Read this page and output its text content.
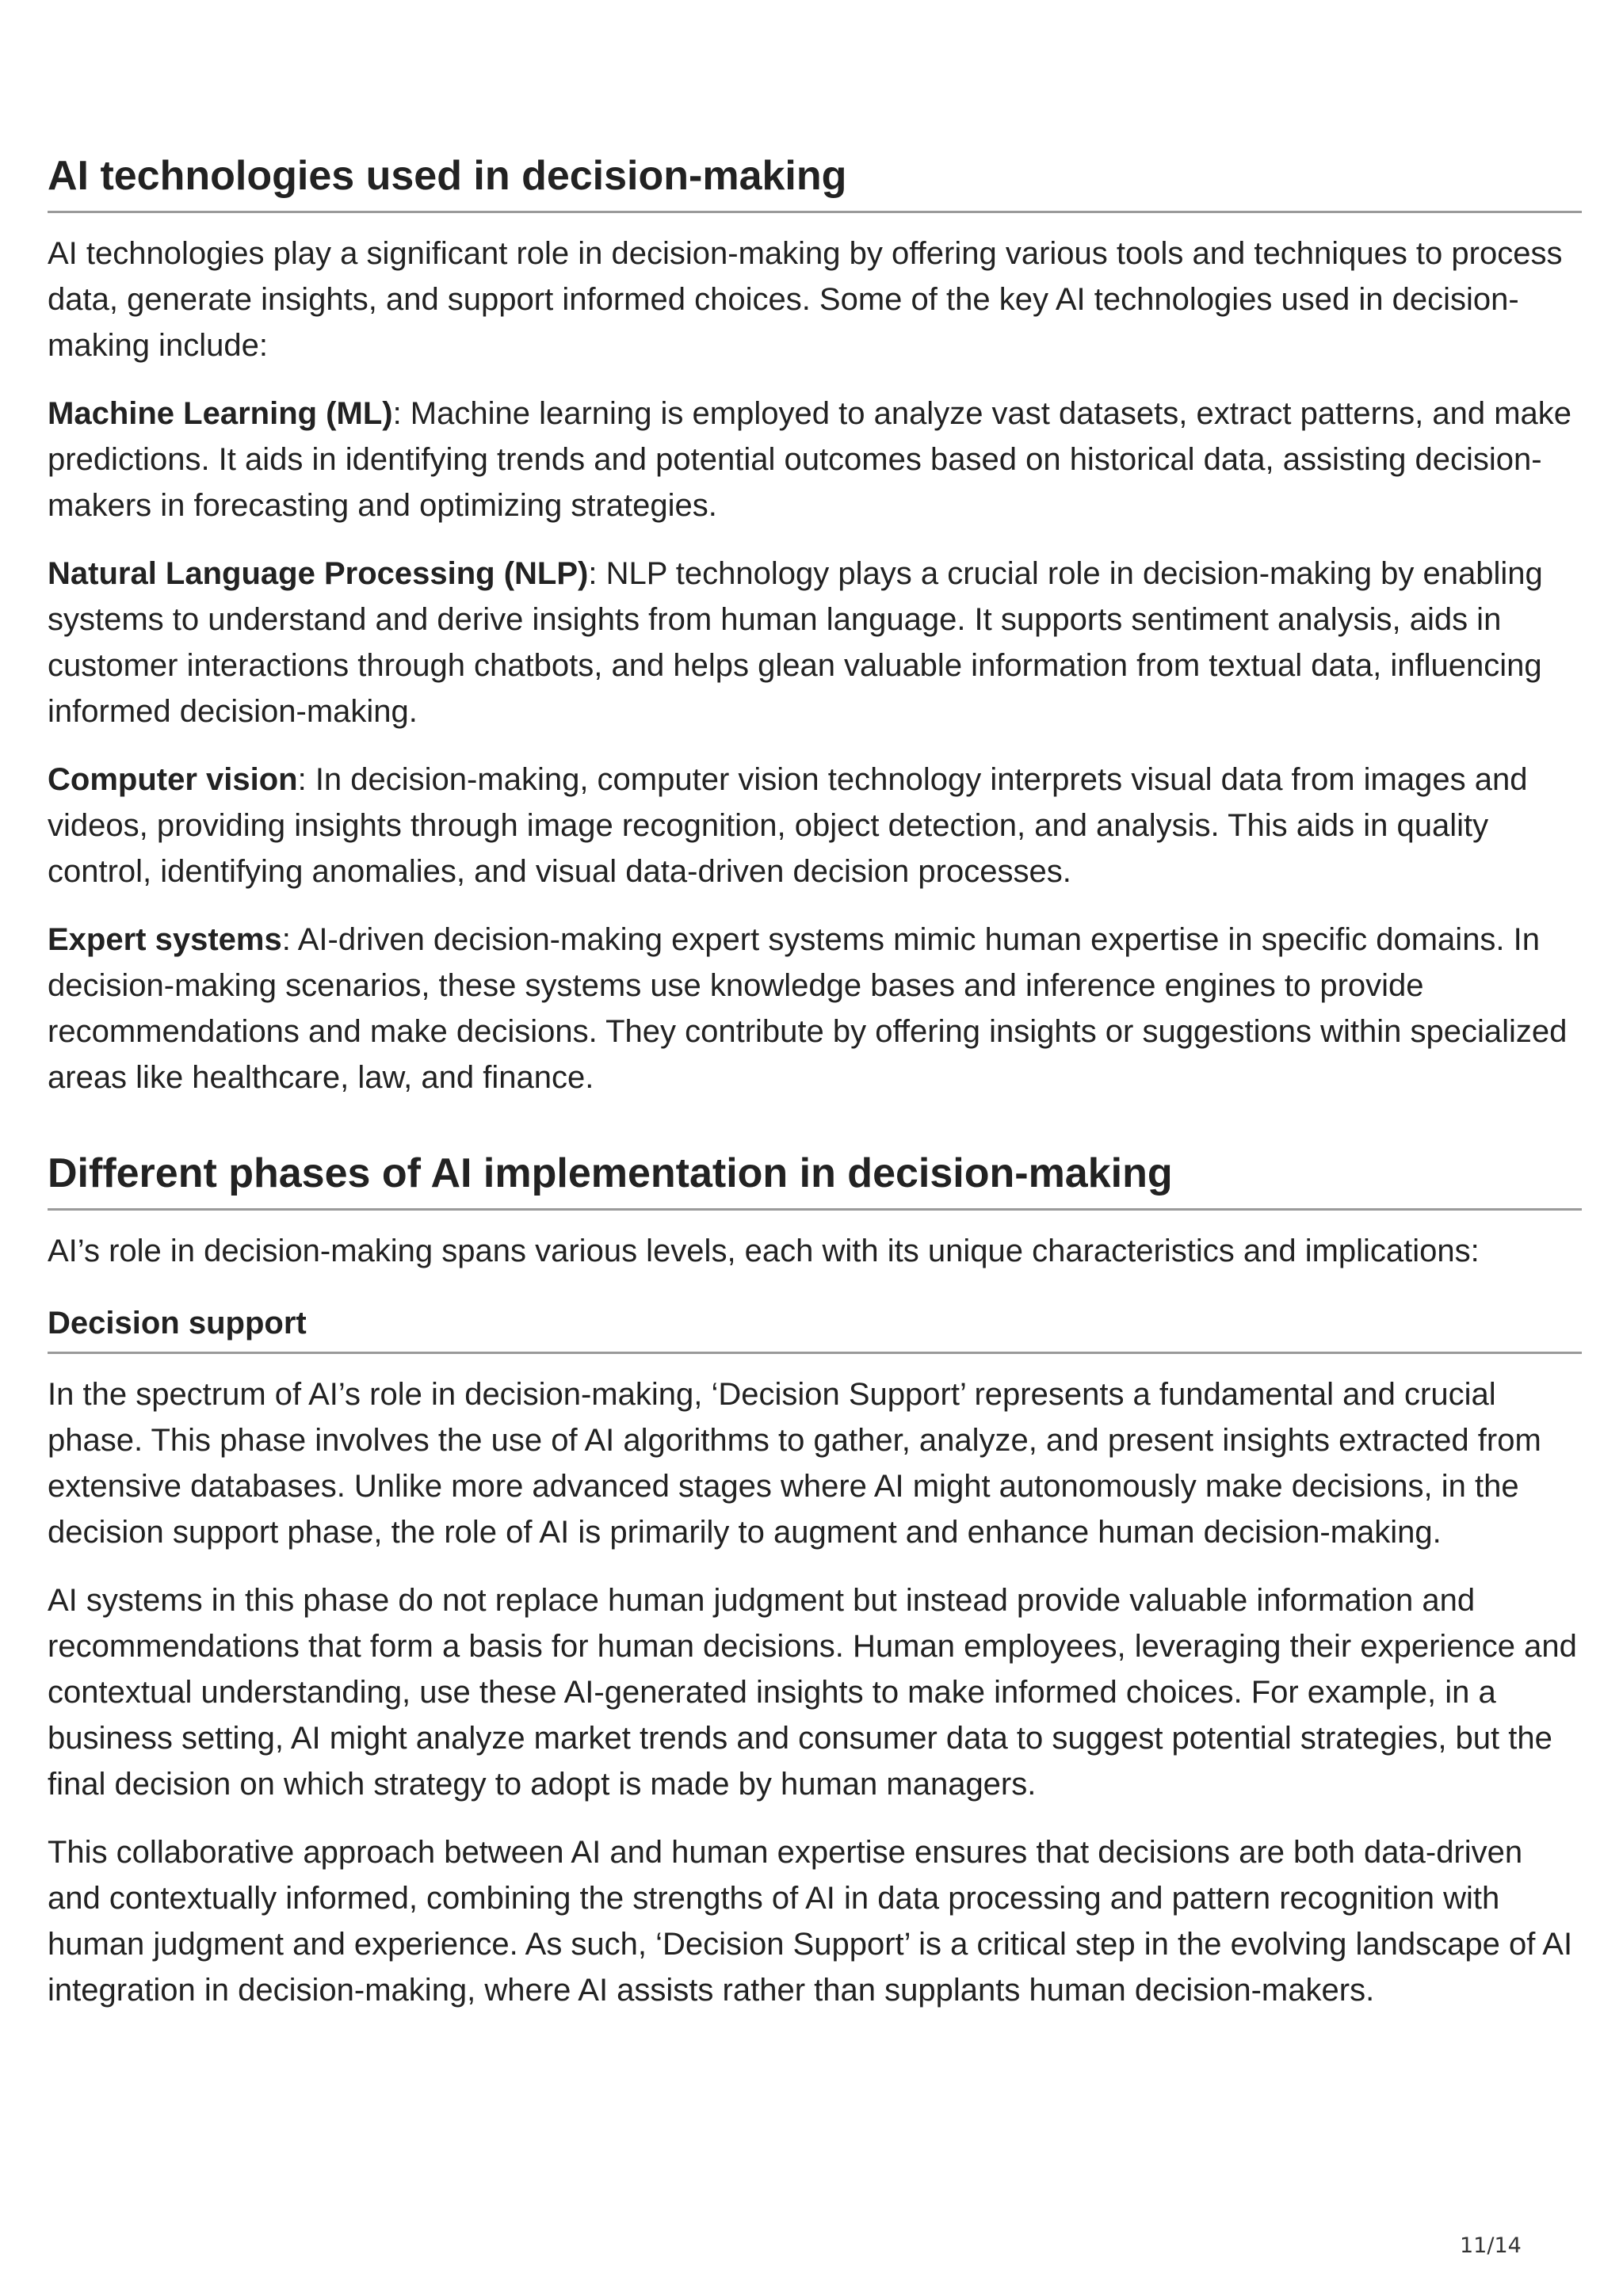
AI technologies used in decision-making

AI technologies play a significant role in decision-making by offering various tools and techniques to process data, generate insights, and support informed choices. Some of the key AI technologies used in decision-making include:

Machine Learning (ML): Machine learning is employed to analyze vast datasets, extract patterns, and make predictions. It aids in identifying trends and potential outcomes based on historical data, assisting decision-makers in forecasting and optimizing strategies.

Natural Language Processing (NLP): NLP technology plays a crucial role in decision-making by enabling systems to understand and derive insights from human language. It supports sentiment analysis, aids in customer interactions through chatbots, and helps glean valuable information from textual data, influencing informed decision-making.

Computer vision: In decision-making, computer vision technology interprets visual data from images and videos, providing insights through image recognition, object detection, and analysis. This aids in quality control, identifying anomalies, and visual data-driven decision processes.

Expert systems: AI-driven decision-making expert systems mimic human expertise in specific domains. In decision-making scenarios, these systems use knowledge bases and inference engines to provide recommendations and make decisions. They contribute by offering insights or suggestions within specialized areas like healthcare, law, and finance.

Different phases of AI implementation in decision-making

AI’s role in decision-making spans various levels, each with its unique characteristics and implications:

Decision support

In the spectrum of AI’s role in decision-making, ‘Decision Support’ represents a fundamental and crucial phase. This phase involves the use of AI algorithms to gather, analyze, and present insights extracted from extensive databases. Unlike more advanced stages where AI might autonomously make decisions, in the decision support phase, the role of AI is primarily to augment and enhance human decision-making.

AI systems in this phase do not replace human judgment but instead provide valuable information and recommendations that form a basis for human decisions. Human employees, leveraging their experience and contextual understanding, use these AI-generated insights to make informed choices. For example, in a business setting, AI might analyze market trends and consumer data to suggest potential strategies, but the final decision on which strategy to adopt is made by human managers.

This collaborative approach between AI and human expertise ensures that decisions are both data-driven and contextually informed, combining the strengths of AI in data processing and pattern recognition with human judgment and experience. As such, ‘Decision Support’ is a critical step in the evolving landscape of AI integration in decision-making, where AI assists rather than supplants human decision-makers.

11/14
